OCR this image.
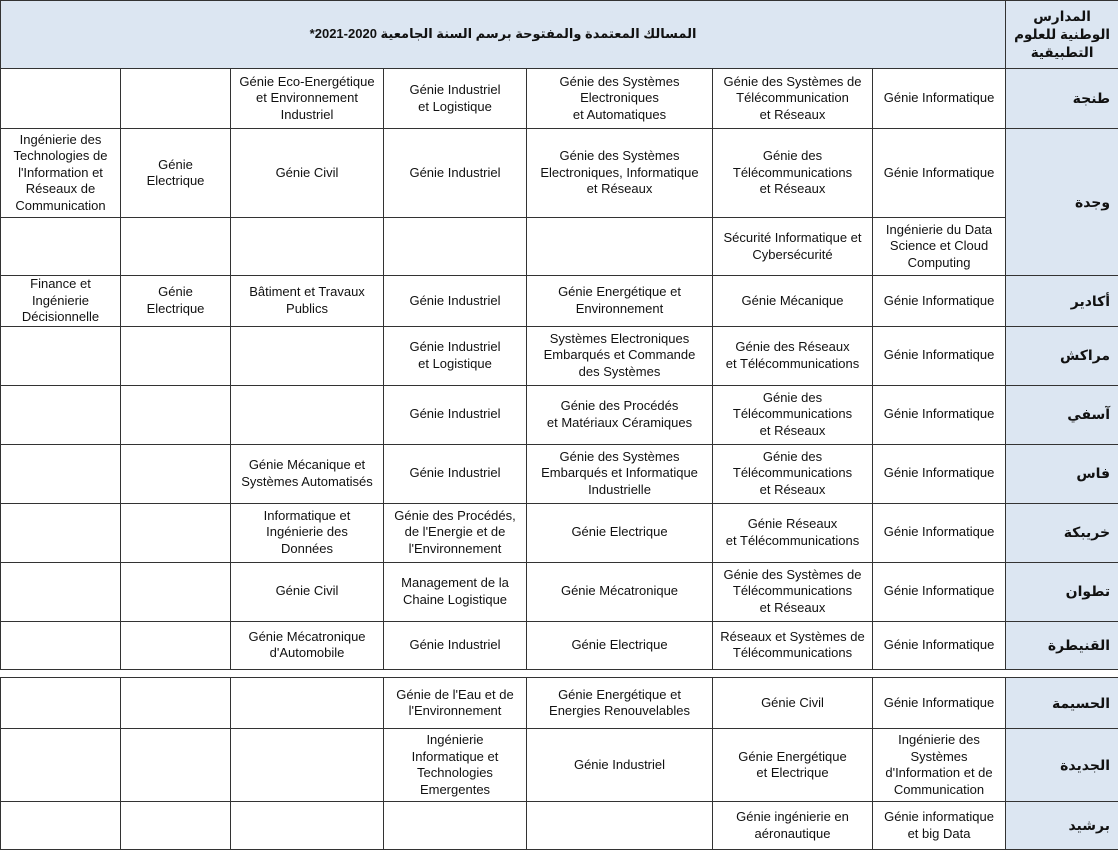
المسالك المعتمدة والمفتوحة برسم السنة الجامعية 2020-2021*							المدارس الوطنية للعلوم التطبيقية
		Génie Eco-Energétique
et Environnement
Industriel	Génie Industriel
et Logistique	Génie des Systèmes
Electroniques
et Automatiques	Génie des Systèmes de
Télécommunication
et Réseaux	Génie Informatique	طنجة
Ingénierie des
Technologies de
l'Information et
Réseaux de
Communication	Génie
Electrique	Génie Civil	Génie Industriel	Génie des Systèmes
Electroniques, Informatique
et Réseaux	Génie des
Télécommunications
et Réseaux	Génie Informatique	وجدة
					Sécurité Informatique et
Cybersécurité	Ingénierie du Data
Science et Cloud
Computing	
Finance et
Ingénierie
Décisionnelle	Génie
Electrique	Bâtiment et Travaux
Publics	Génie Industriel	Génie Energétique et
Environnement	Génie Mécanique	Génie Informatique	أكادير
			Génie Industriel
et Logistique	Systèmes Electroniques
Embarqués et Commande
des Systèmes	Génie des Réseaux
et Télécommunications	Génie Informatique	مراكش
			Génie Industriel	Génie des Procédés
et Matériaux Céramiques	Génie des
Télécommunications
et Réseaux	Génie Informatique	آسفي
		Génie Mécanique et
Systèmes Automatisés	Génie Industriel	Génie des Systèmes
Embarqués et Informatique
Industrielle	Génie des
Télécommunications
et Réseaux	Génie Informatique	فاس
		Informatique et
Ingénierie des
Données	Génie des Procédés,
de l'Energie et de
l'Environnement	Génie Electrique	Génie Réseaux
et Télécommunications	Génie Informatique	خريبكة
		Génie Civil	Management de la
Chaine Logistique	Génie Mécatronique	Génie des Systèmes de
Télécommunications
et Réseaux	Génie Informatique	تطوان
		Génie Mécatronique
d'Automobile	Génie Industriel	Génie Electrique	Réseaux et Systèmes de
Télécommunications	Génie Informatique	القنيطرة
			Génie de l'Eau et de
l'Environnement	Génie Energétique et
Energies Renouvelables	Génie Civil	Génie Informatique	الحسيمة
			Ingénierie
Informatique et
Technologies
Emergentes	Génie Industriel	Génie Energétique
et Electrique	Ingénierie des
Systèmes
d'Information et de
Communication	الجديدة
					Génie ingénierie en
aéronautique	Génie informatique
et big Data	برشيد
